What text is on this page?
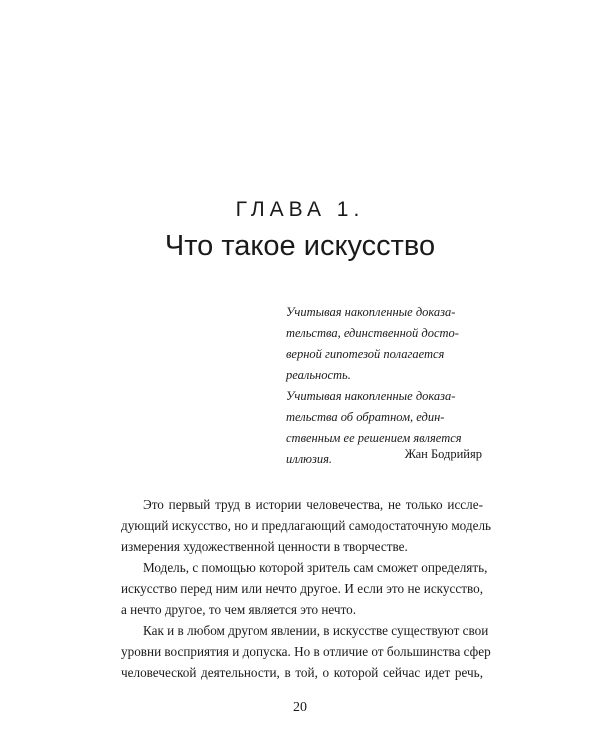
ГЛАВА 1.
Что такое искусство
Учитывая накопленные доказа-
тельства, единственной досто-
верной гипотезой полагается
реальность.
Учитывая накопленные доказа-
тельства об обратном, един-
ственным ее решением является
иллюзия.	Жан Бодрийяр
Это первый труд в истории человечества, не только иссле-
дующий искусство, но и предлагающий самодостаточную модель
измерения художественной ценности в творчестве.
Модель, с помощью которой зритель сам сможет определять,
искусство перед ним или нечто другое. И если это не искусство,
а нечто другое, то чем является это нечто.
Как и в любом другом явлении, в искусстве существуют свои
уровни восприятия и допуска. Но в отличие от большинства сфер
человеческой деятельности, в той, о которой сейчас идет речь,
20
